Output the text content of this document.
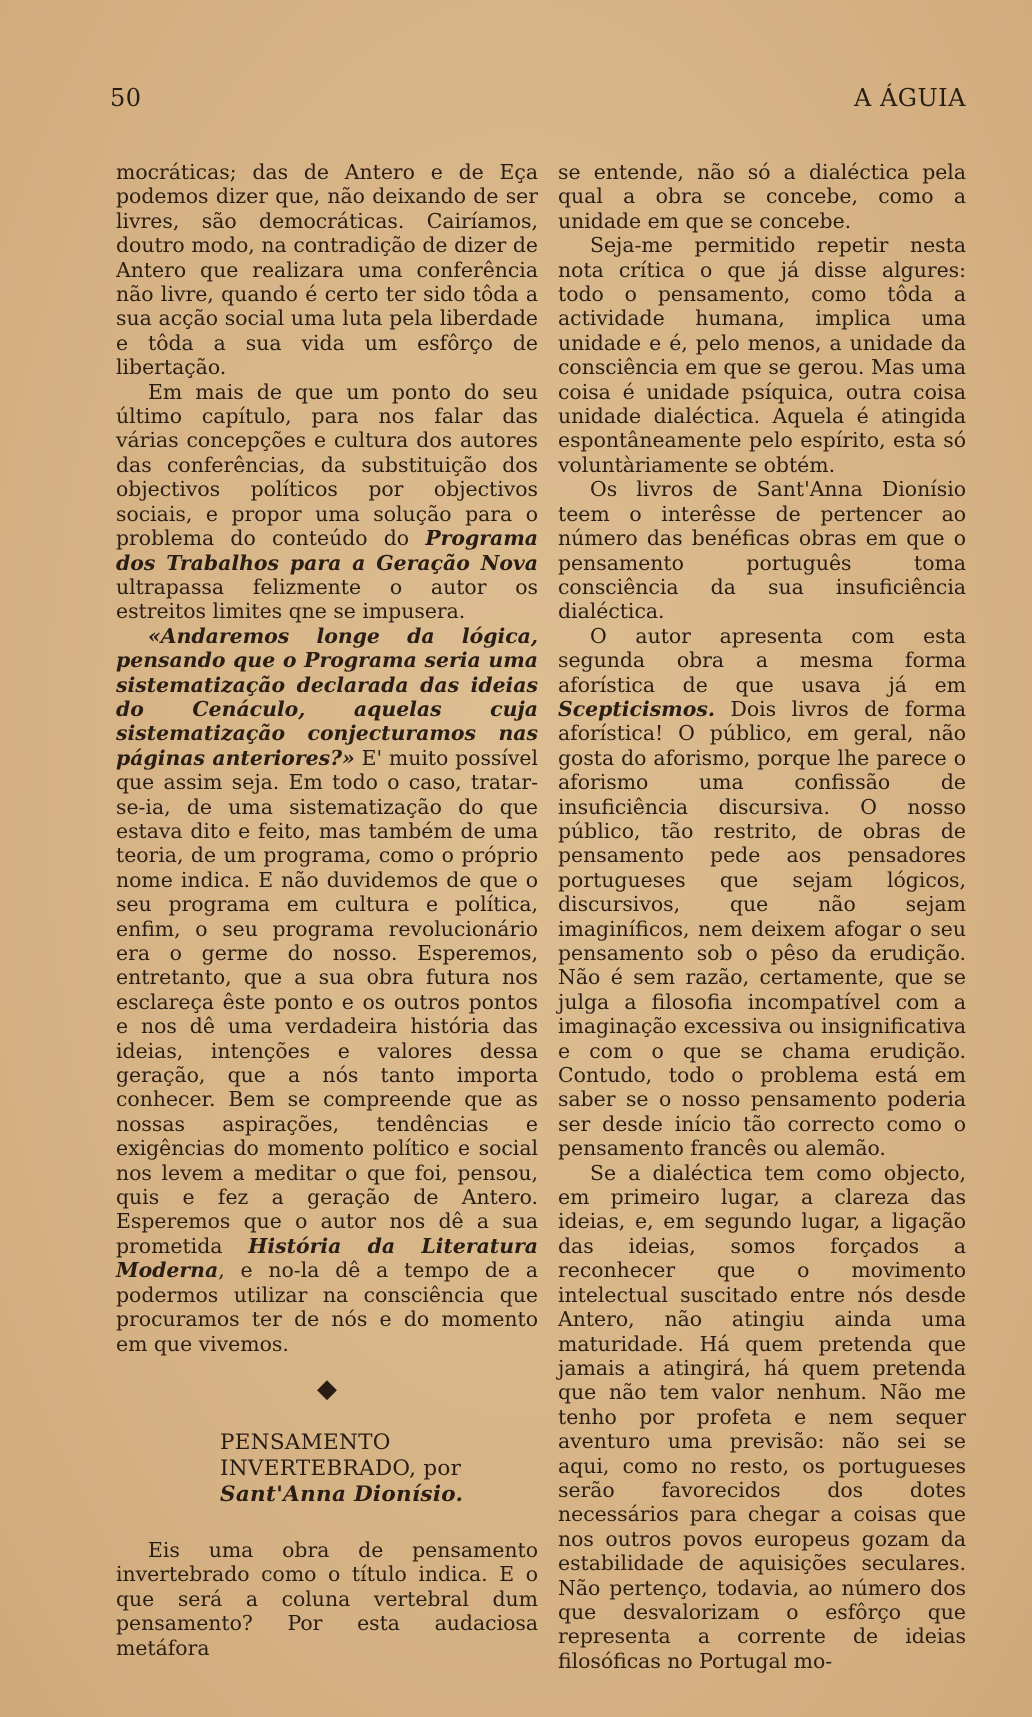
50	A ÁGUIA

mocráticas; das de Antero e de Eça podemos dizer que, não deixando de ser livres, são democráticas. Cairíamos, doutro modo, na contradição de dizer de Antero que realizara uma conferência não livre, quando é certo ter sido tôda a sua acção social uma luta pela liberdade e tôda a sua vida um esfôrço de libertação.

Em mais de que um ponto do seu último capítulo, para nos falar das várias concepções e cultura dos autores das conferências, da substituição dos objectivos políticos por objectivos sociais, e propor uma solução para o problema do conteúdo do Programa dos Trabalhos para a Geração Nova ultrapassa felizmente o autor os estreitos limites qne se impusera.

«Andaremos longe da lógica, pensando que o Programa seria uma sistematização declarada das ideias do Cenáculo, aquelas cuja sistematização conjecturamos nas páginas anteriores?» E' muito possível que assim seja. Em todo o caso, tratar-se-ia, de uma sistematização do que estava dito e feito, mas também de uma teoria, de um programa, como o próprio nome indica. E não duvidemos de que o seu programa em cultura e política, enfim, o seu programa revolucionário era o germe do nosso. Esperemos, entretanto, que a sua obra futura nos esclareça êste ponto e os outros pontos e nos dê uma verdadeira história das ideias, intenções e valores dessa geração, que a nós tanto importa conhecer. Bem se compreende que as nossas aspirações, tendências e exigências do momento político e social nos levem a meditar o que foi, pensou, quis e fez a geração de Antero. Esperemos que o autor nos dê a sua prometida História da Literatura Moderna, e no-la dê a tempo de a podermos utilizar na consciência que procuramos ter de nós e do momento em que vivemos.

◆
PENSAMENTO INVERTEBRADO, por Sant'Anna Dionísio.

Eis uma obra de pensamento invertebrado como o título indica. E o que será a coluna vertebral dum pensamento? Por esta audaciosa metáfora

se entende, não só a dialéctica pela qual a obra se concebe, como a unidade em que se concebe.

Seja-me permitido repetir nesta nota crítica o que já disse algures: todo o pensamento, como tôda a actividade humana, implica uma unidade e é, pelo menos, a unidade da consciência em que se gerou. Mas uma coisa é unidade psíquica, outra coisa unidade dialéctica. Aquela é atingida espontâneamente pelo espírito, esta só voluntàriamente se obtém.

Os livros de Sant'Anna Dionísio teem o interêsse de pertencer ao número das benéficas obras em que o pensamento português toma consciência da sua insuficiência dialéctica.

O autor apresenta com esta segunda obra a mesma forma aforística de que usava já em Scepticismos. Dois livros de forma aforística! O público, em geral, não gosta do aforismo, porque lhe parece o aforismo uma confissão de insuficiência discursiva. O nosso público, tão restrito, de obras de pensamento pede aos pensadores portugueses que sejam lógicos, discursivos, que não sejam imaginíficos, nem deixem afogar o seu pensamento sob o pêso da erudição. Não é sem razão, certamente, que se julga a filosofia incompatível com a imaginação excessiva ou insignificativa e com o que se chama erudição. Contudo, todo o problema está em saber se o nosso pensamento poderia ser desde início tão correcto como o pensamento francês ou alemão.

Se a dialéctica tem como objecto, em primeiro lugar, a clareza das ideias, e, em segundo lugar, a ligação das ideias, somos forçados a reconhecer que o movimento intelectual suscitado entre nós desde Antero, não atingiu ainda uma maturidade. Há quem pretenda que jamais a atingirá, há quem pretenda que não tem valor nenhum. Não me tenho por profeta e nem sequer aventuro uma previsão: não sei se aqui, como no resto, os portugueses serão favorecidos dos dotes necessários para chegar a coisas que nos outros povos europeus gozam da estabilidade de aquisições seculares. Não pertenço, todavia, ao número dos que desvalorizam o esfôrço que representa a corrente de ideias filosóficas no Portugal mo-
